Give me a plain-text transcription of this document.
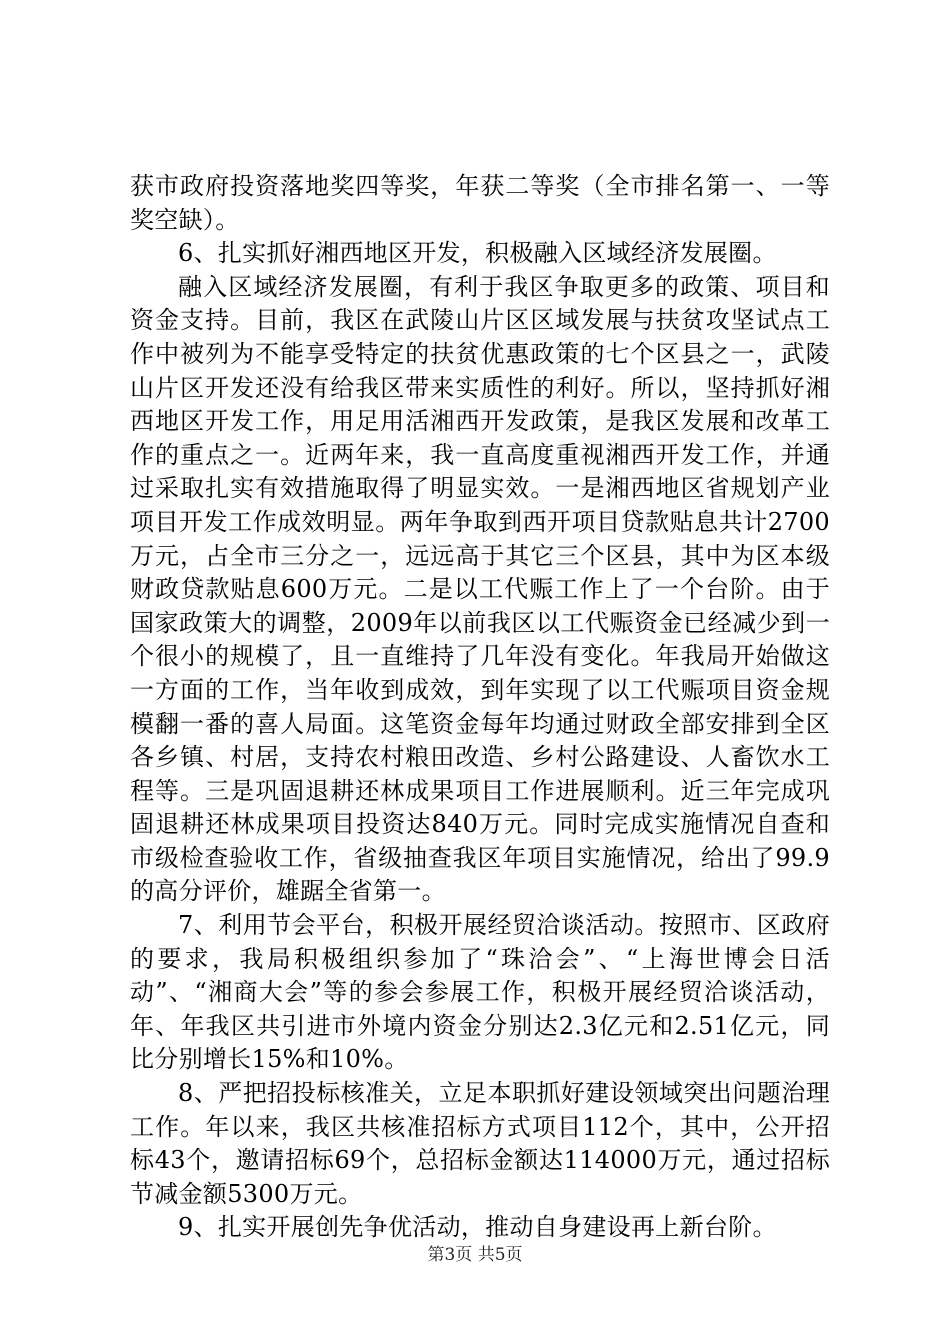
获市政府投资落地奖四等奖，年获二等奖（全市排名第一、一等奖空缺）。

6、扎实抓好湘西地区开发，积极融入区域经济发展圈。

融入区域经济发展圈，有利于我区争取更多的政策、项目和资金支持。目前，我区在武陵山片区区域发展与扶贫攻坚试点工作中被列为不能享受特定的扶贫优惠政策的七个区县之一，武陵山片区开发还没有给我区带来实质性的利好。所以，坚持抓好湘西地区开发工作，用足用活湘西开发政策，是我区发展和改革工作的重点之一。近两年来，我一直高度重视湘西开发工作，并通过采取扎实有效措施取得了明显实效。一是湘西地区省规划产业项目开发工作成效明显。两年争取到西开项目贷款贴息共计2700万元，占全市三分之一，远远高于其它三个区县，其中为区本级财政贷款贴息600万元。二是以工代赈工作上了一个台阶。由于国家政策大的调整，2009年以前我区以工代赈资金已经减少到一个很小的规模了，且一直维持了几年没有变化。年我局开始做这一方面的工作，当年收到成效，到年实现了以工代赈项目资金规模翻一番的喜人局面。这笔资金每年均通过财政全部安排到全区各乡镇、村居，支持农村粮田改造、乡村公路建设、人畜饮水工程等。三是巩固退耕还林成果项目工作进展顺利。近三年完成巩固退耕还林成果项目投资达840万元。同时完成实施情况自查和市级检查验收工作，省级抽查我区年项目实施情况，给出了99.9的高分评价，雄踞全省第一。

7、利用节会平台，积极开展经贸洽谈活动。按照市、区政府的要求，我局积极组织参加了“珠洽会”、“上海世博会日活动”、“湘商大会”等的参会参展工作，积极开展经贸洽谈活动，年、年我区共引进市外境内资金分别达2.3亿元和2.51亿元，同比分别增长15%和10%。

8、严把招投标核准关，立足本职抓好建设领域突出问题治理工作。年以来，我区共核准招标方式项目112个，其中，公开招标43个，邀请招标69个，总招标金额达114000万元，通过招标节减金额5300万元。

9、扎实开展创先争优活动，推动自身建设再上新台阶。

第3页 共5页
